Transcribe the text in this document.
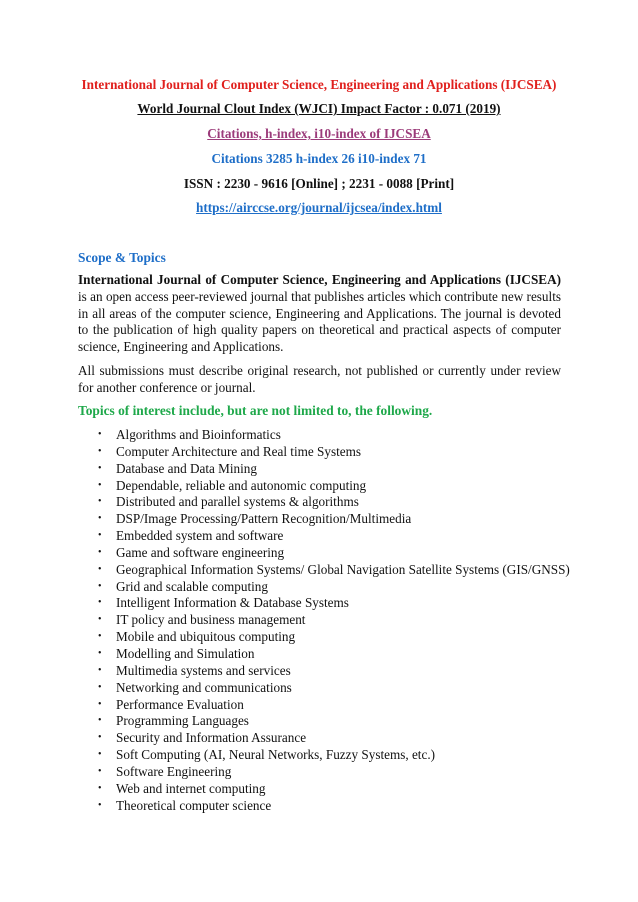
International Journal of Computer Science, Engineering and Applications (IJCSEA)
World Journal Clout Index (WJCI) Impact Factor : 0.071 (2019)
Citations, h-index, i10-index of IJCSEA
Citations 3285 h-index 26 i10-index 71
ISSN : 2230 - 9616 [Online] ; 2231 - 0088 [Print]
https://airccse.org/journal/ijcsea/index.html
Scope & Topics
International Journal of Computer Science, Engineering and Applications (IJCSEA) is an open access peer-reviewed journal that publishes articles which contribute new results in all areas of the computer science, Engineering and Applications. The journal is devoted to the publication of high quality papers on theoretical and practical aspects of computer science, Engineering and Applications.
All submissions must describe original research, not published or currently under review for another conference or journal.
Topics of interest include, but are not limited to, the following.
• Algorithms and Bioinformatics
• Computer Architecture and Real time Systems
• Database and Data Mining
• Dependable, reliable and autonomic computing
• Distributed and parallel systems & algorithms
• DSP/Image Processing/Pattern Recognition/Multimedia
• Embedded system and software
• Game and software engineering
• Geographical Information Systems/ Global Navigation Satellite Systems (GIS/GNSS)
• Grid and scalable computing
• Intelligent Information & Database Systems
• IT policy and business management
• Mobile and ubiquitous computing
• Modelling and Simulation
• Multimedia systems and services
• Networking and communications
• Performance Evaluation
• Programming Languages
• Security and Information Assurance
• Soft Computing (AI, Neural Networks, Fuzzy Systems, etc.)
• Software Engineering
• Web and internet computing
• Theoretical computer science
